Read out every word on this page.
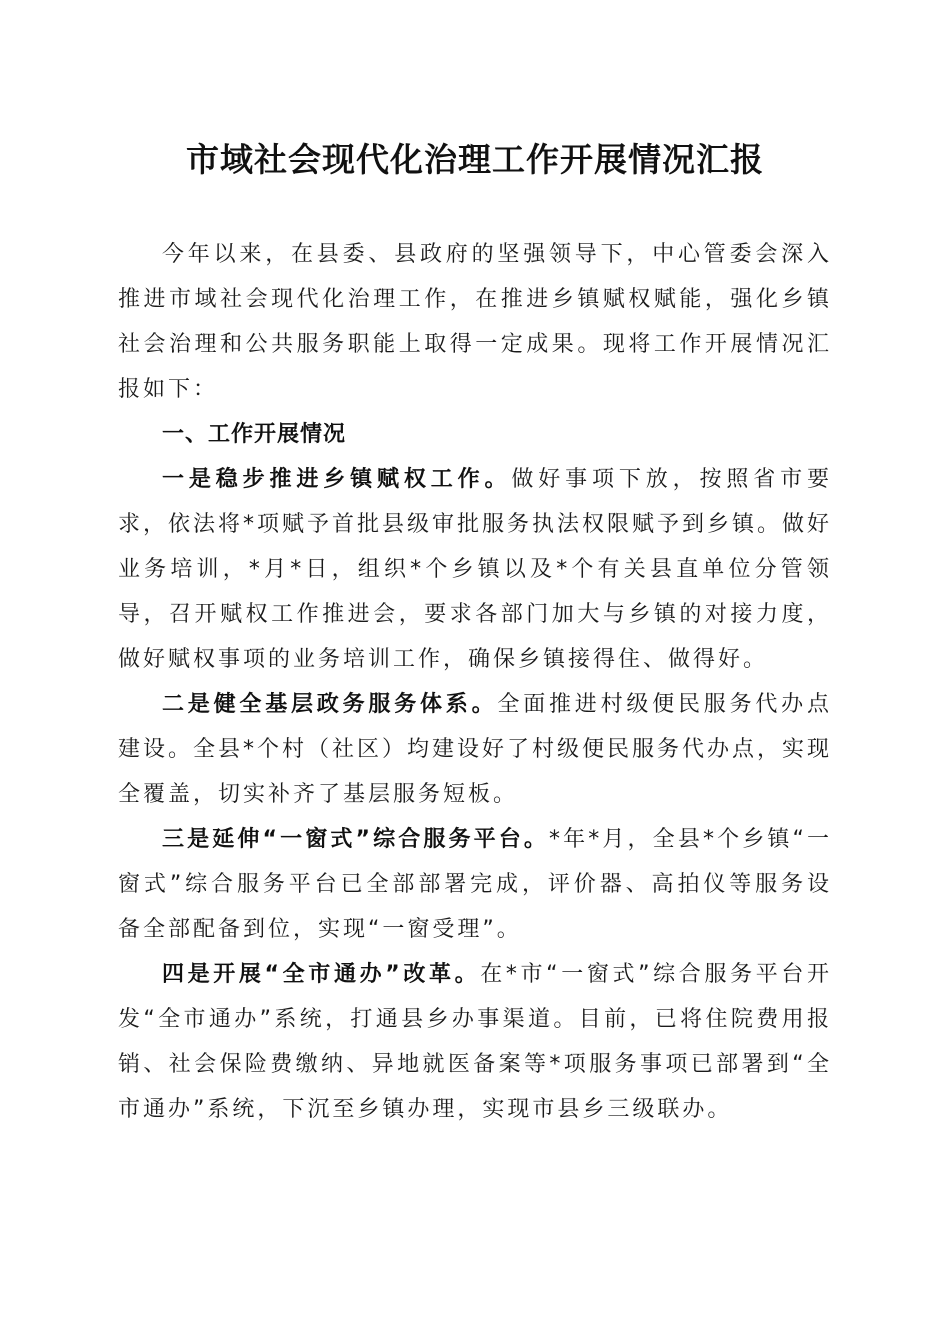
市域社会现代化治理工作开展情况汇报

今年以来，在县委、县政府的坚强领导下，中心管委会深入推进市域社会现代化治理工作，在推进乡镇赋权赋能，强化乡镇社会治理和公共服务职能上取得一定成果。现将工作开展情况汇报如下：

一、工作开展情况

一是稳步推进乡镇赋权工作。做好事项下放，按照省市要求，依法将*项赋予首批县级审批服务执法权限赋予到乡镇。做好业务培训，*月*日，组织*个乡镇以及*个有关县直单位分管领导，召开赋权工作推进会，要求各部门加大与乡镇的对接力度，做好赋权事项的业务培训工作，确保乡镇接得住、做得好。

二是健全基层政务服务体系。全面推进村级便民服务代办点建设。全县*个村（社区）均建设好了村级便民服务代办点，实现全覆盖，切实补齐了基层服务短板。

三是延伸“一窗式”综合服务平台。*年*月，全县*个乡镇“一窗式”综合服务平台已全部部署完成，评价器、高拍仪等服务设备全部配备到位，实现“一窗受理”。

四是开展“全市通办”改革。在*市“一窗式”综合服务平台开发“全市通办”系统，打通县乡办事渠道。目前，已将住院费用报销、社会保险费缴纳、异地就医备案等*项服务事项已部署到“全市通办”系统，下沉至乡镇办理，实现市县乡三级联办。
